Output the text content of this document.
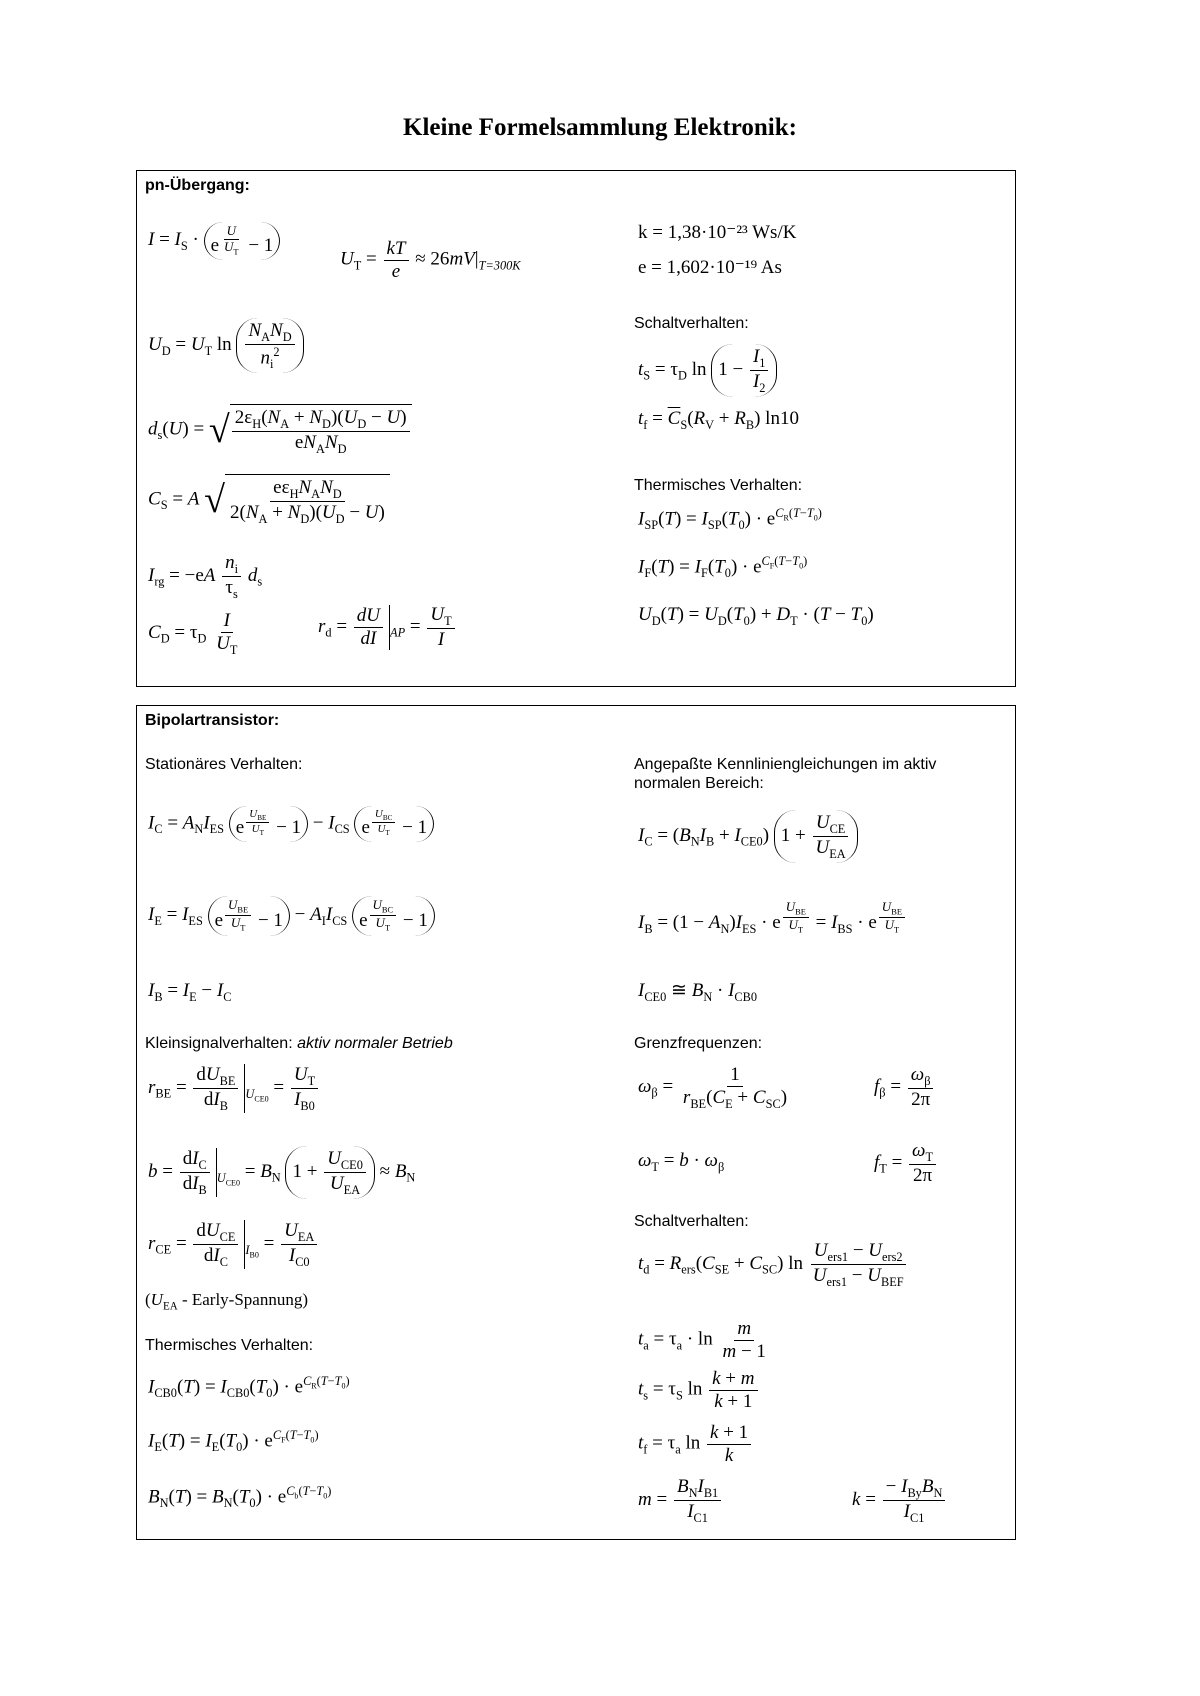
Kleine Formelsammlung Elektronik:
pn-Übergang:
$I = I_S \cdot e$ $^{\frac{U}{U_T}}$ − 1
$U_T = \frac{kT}{e} \approx 26mV|_{T=300K}$
k = 1,38·10⁻²³ Ws/K
e = 1,602·10⁻¹⁹ As
$U_D = U_T$ ln
$N_AN_D$
$n_i^2$
Schaltverhalten:
$t_S = \tau_D$ $\ln 1 - \frac{I_1}{I_2}$
$t_f = \overline{C}_S(R_V + R_B)$ ln10
$d_s(U)$ = √ $2\varepsilon_H(N_A + N_D)(U_D - U)$
$eN_AN_D$
$C_S = A$ √	$e\varepsilon_HN_AN_D$
$2(N_A + N_D)(U_D - U)$
Thermisches Verhalten:
$I_{SP}(T) = I_{SP}(T_0) \cdot e^{C_R(T-T_0)}$
$I_F(T) = I_F(T_0) \cdot e^{C_F(T-T_0)}$
$U_D(T) = U_D(T_0) + D_T \cdot (T - T_0)$
$I_{rg} = -eA \frac{n_i}{\tau_s} d_s$
$C_D = \tau_D \frac{I}{U_T}$	$r_d = \frac{dU}{dI} _{AP} = \frac{U_T}{I}$
Bipolartransistor:
Stationäres Verhalten:	Angepaßte Kennliniengleichungen im aktiv normalen Bereich:
$I_C = A_NI_{ES}$ e
$^{U_{BE} U_T} - 1 - I_{CS}$ e
$^{U_{BC} U_T}$ − 1	$I_C = (B_NI_B + I_{CE0}) 1$ +
$U_{CE}$
$U_{EA}$
$I_E = I_{ES}$ e
$^{U_{BE} U_T} - 1 - A_II_{CS}$ e
$^{U_{BC} U_T}$ − 1	$I_B = (1 - A_N)I_{ES} \cdot e$
$^{U_{BE} U_T} = I_{BS} \cdot e$
$^{U_{BE} U_T}$
$I_B = I_E - I_C$	$I_{CE0}$ ≅ $B_N \cdot I_{CB0}$
Kleinsignalverhalten: aktiv normaler Betrieb	Grenzfrequenzen:
$r_{BE}$ =
$dU_{BE}$
$dI_B$
$_{U_{CE0}} = \frac{U_T}{I_{B0}}$	$\omega_\beta$ =
1
$r_{BE}(C_E + C_{SC})$
$f_\beta = \frac{\omega_\beta}{2\pi}$
b =
$dI_C$
$dI_B$
$_{U_{CE0}} = B_N$ 1 +
$U_{CE0}$
$U_{EA}$
≈ $B_N$
$\omega_T = b \cdot \omega_\beta$	$f_T = \frac{\omega_T}{2\pi}$
Schaltverhalten:
$r_{CE}$ =
$dU_{CE}$
$dI_C$
$_{I_{B0}}$ =
$U_{EA}$
$I_{C0}$	$t_d = R_{ers}(C_{SE} + C_{SC})$ ln
$U_{ers1} - U_{ers2}$
$U_{ers1} - U_{BEF}$
($U_{EA}$ - Early-Spannung)
Thermisches Verhalten:	$t_a = \tau_a \cdot \ln \frac{m}{m - 1}$
$I_{CB0}(T) = I_{CB0}(T_0) \cdot e^{C_R(T-T_0)}$	$t_s = \tau_S$ $\ln \frac{k + m}{k + 1}$
$I_E(T) = I_E(T_0) \cdot e^{C_F(T-T_0)}$	$t_f = \tau_a$ $\ln \frac{k + 1}{k}$
$B_N(T) = B_N(T_0) \cdot e^{C_b(T-T_0)}$	m =
$B_NI_{B1}$
$I_{C1}$
k =
− $I_{By}B_N$
$I_{C1}$
